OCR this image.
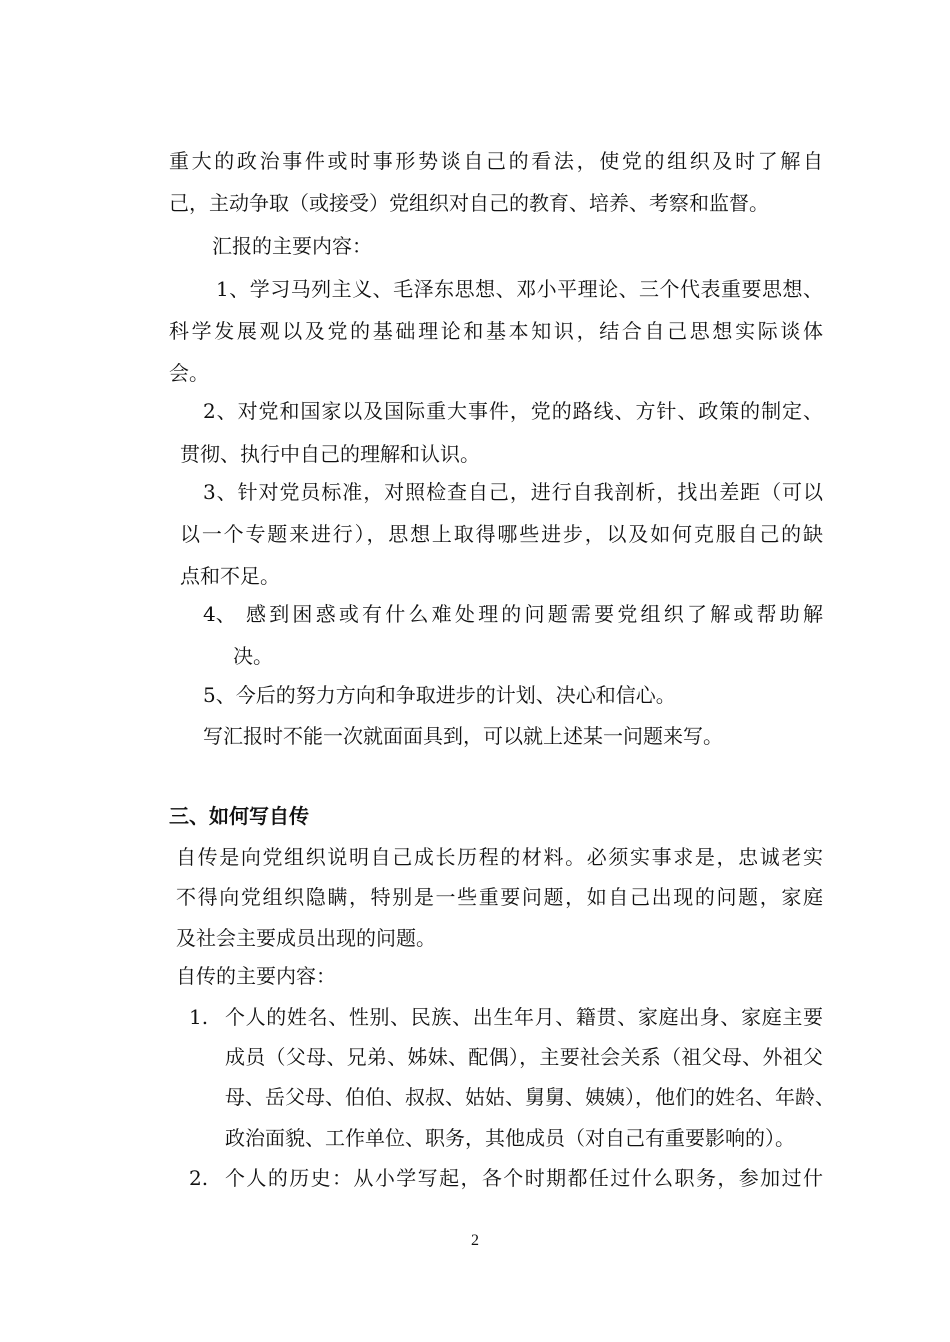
重大的政治事件或时事形势谈自己的看法，使党的组织及时了解自
己，主动争取（或接受）党组织对自己的教育、培养、考察和监督。
汇报的主要内容：
1、学习马列主义、毛泽东思想、邓小平理论、三个代表重要思想、
科学发展观以及党的基础理论和基本知识，结合自己思想实际谈体
会。
2、对党和国家以及国际重大事件，党的路线、方针、政策的制定、
贯彻、执行中自己的理解和认识。
3、针对党员标准，对照检查自己，进行自我剖析，找出差距（可以
以一个专题来进行），思想上取得哪些进步，以及如何克服自己的缺
点和不足。
4、 感到困惑或有什么难处理的问题需要党组织了解或帮助解
决。
5、今后的努力方向和争取进步的计划、决心和信心。
写汇报时不能一次就面面具到，可以就上述某一问题来写。
三、如何写自传
自传是向党组织说明自己成长历程的材料。必须实事求是，忠诚老实
不得向党组织隐瞒，特别是一些重要问题，如自己出现的问题，家庭
及社会主要成员出现的问题。
自传的主要内容：
1. 个人的姓名、性别、民族、出生年月、籍贯、家庭出身、家庭主要
成员（父母、兄弟、姊妹、配偶），主要社会关系（祖父母、外祖父
母、岳父母、伯伯、叔叔、姑姑、舅舅、姨姨），他们的姓名、年龄、
政治面貌、工作单位、职务，其他成员（对自己有重要影响的）。
2. 个人的历史：从小学写起，各个时期都任过什么职务，参加过什
2
